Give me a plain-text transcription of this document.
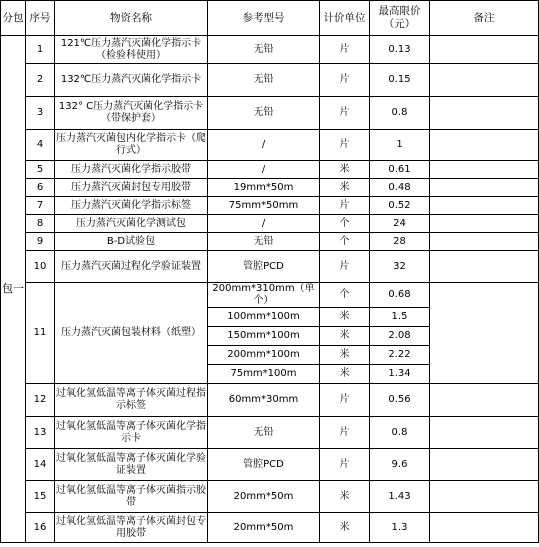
分包	序号	物资名称	参考型号	计价单位	最高限价（元）	备注
包一	1	121℃压力蒸汽灭菌化学指示卡（检验科使用）	无铅	片	0.13	
	2	132℃压力蒸汽灭菌化学指示卡	无铅	片	0.15	
	3	132° C压力蒸汽灭菌化学指示卡（带保护套）	无铅	片	0.8	
	4	压力蒸汽灭菌包内化学指示卡（爬行式）	/	片	1	
	5	压力蒸汽灭菌化学指示胶带	/	米	0.61	
	6	压力蒸汽灭菌封包专用胶带	19mm*50m	米	0.48	
	7	压力蒸汽灭菌化学指示标签	75mm*50mm	片	0.52	
	8	压力蒸汽灭菌化学测试包	/	个	24	
	9	B-D试验包	无铅	个	28	
	10	压力蒸汽灭菌过程化学验证装置	管腔PCD	片	32	
	11	压力蒸汽灭菌包装材料（纸塑）	200mm*310mm（单个）	个	0.68	
			100mm*100m	米	1.5	
			150mm*100m	米	2.08	
			200mm*100m	米	2.22	
			75mm*100m	米	1.34	
	12	过氧化氢低温等离子体灭菌过程指示标签	60mm*30mm	片	0.56	
	13	过氧化氢低温等离子体灭菌化学指示卡	无铅	片	0.8	
	14	过氧化氢低温等离子体灭菌化学验证装置	管腔PCD	片	9.6	
	15	过氧化氢低温等离子体灭菌指示胶带	20mm*50m	米	1.43	
	16	过氧化氢低温等离子体灭菌封包专用胶带	20mm*50m	米	1.3	
